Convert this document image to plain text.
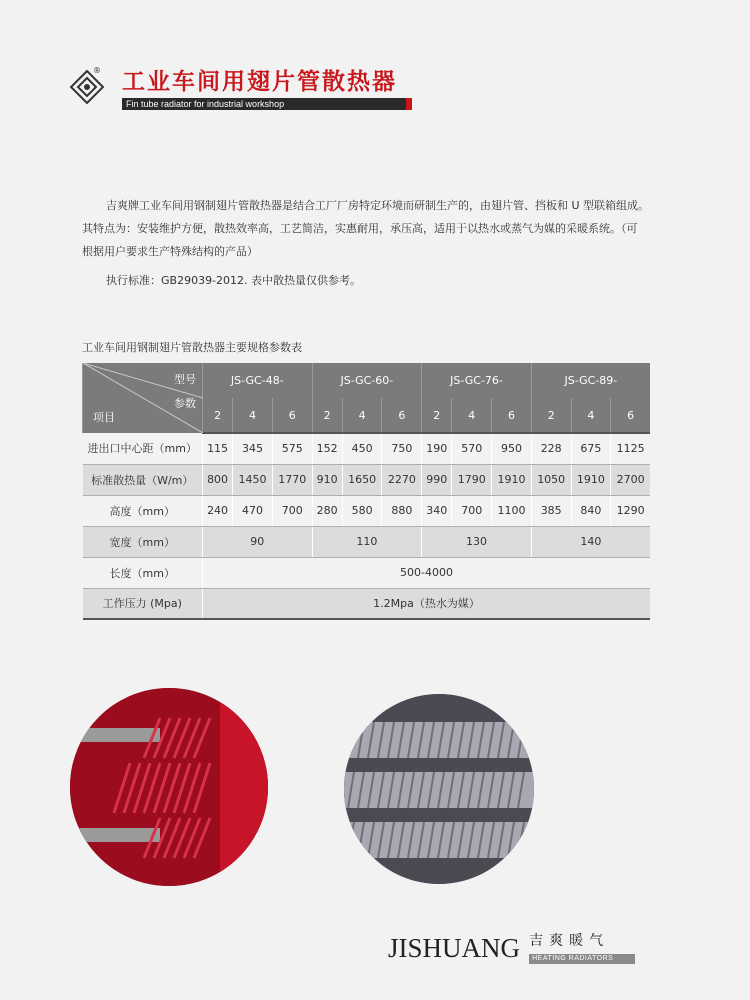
® 工业车间用翅片管散热器
Fin tube radiator for industrial workshop

吉爽牌工业车间用钢制翅片管散热器是结合工厂厂房特定环境而研制生产的，由翅片管、挡板和 U 型联箱组成。

其特点为：安装维护方便，散热效率高，工艺简洁，实惠耐用，承压高，适用于以热水或蒸气为媒的采暖系统。（可

根据用户要求生产特殊结构的产品）

执行标准：GB29039-2012. 表中散热量仅供参考。

工业车间用钢制翅片管散热器主要规格参数表
型号
参数
项目	JS-GC-48-			JS-GC-60-			JS-GC-76-			JS-GC-89-		
	2	4	6	2	4	6	2	4	6	2	4	6
进出口中心距（mm）	115	345	575	152	450	750	190	570	950	228	675	1125
标准散热量（W/m）	800	1450	1770	910	1650	2270	990	1790	1910	1050	1910	2700
高度（mm）	240	470	700	280	580	880	340	700	1100	385	840	1290
宽度（mm）	90			110			130			140		
长度（mm）	500-4000											
工作压力 (Mpa)	1.2Mpa（热水为媒）											
JISHUANG 吉爽暖气
HEATING RADIATORS
